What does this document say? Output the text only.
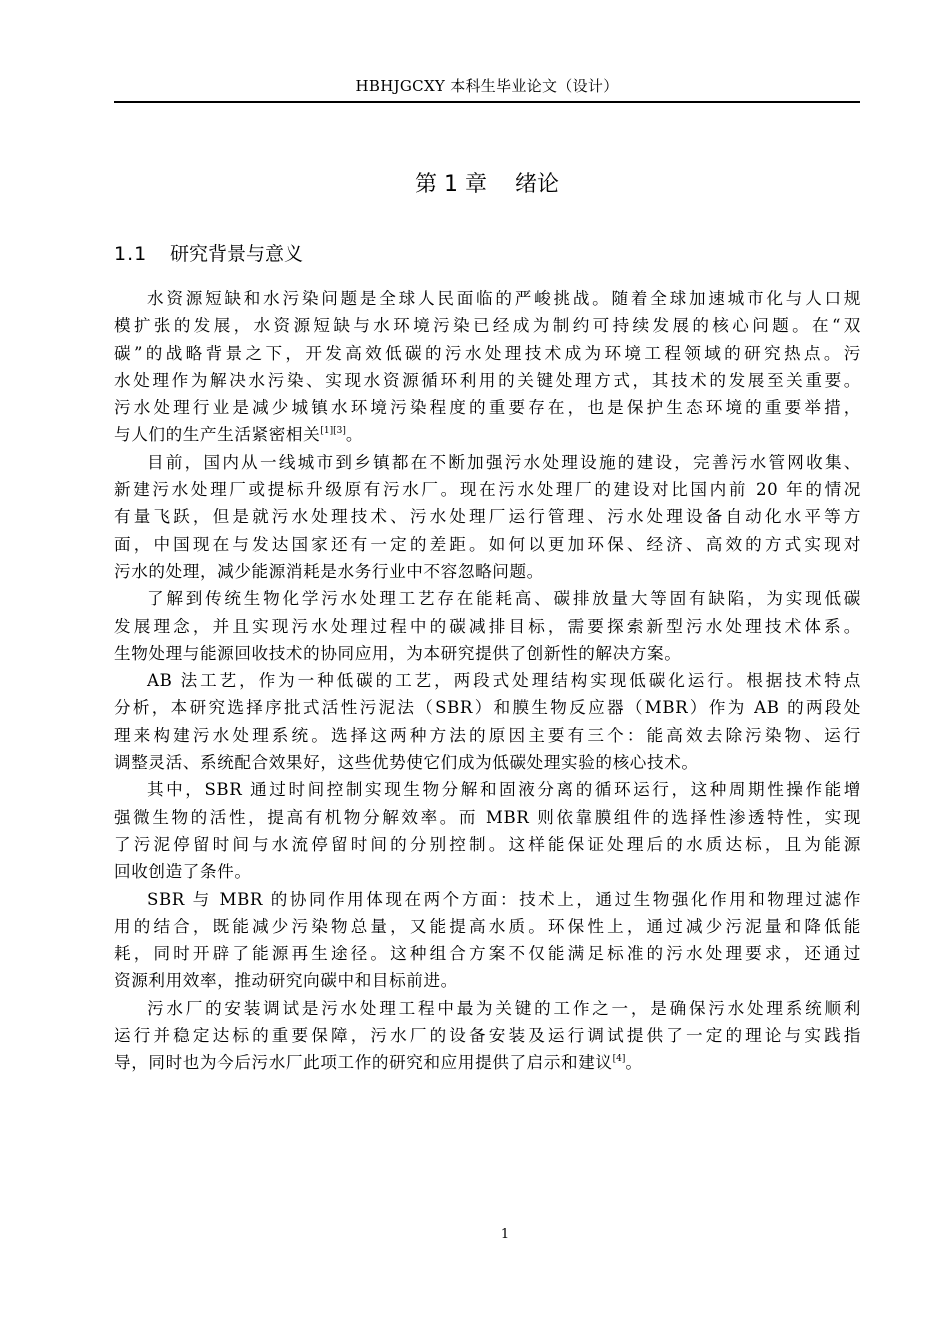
HBHJGCXY 本科生毕业论文（设计）
第 1 章    绪论
1.1 研究背景与意义
水资源短缺和水污染问题是全球人民面临的严峻挑战。随着全球加速城市化与人口规
模扩张的发展，水资源短缺与水环境污染已经成为制约可持续发展的核心问题。在“双
碳”的战略背景之下，开发高效低碳的污水处理技术成为环境工程领域的研究热点。污
水处理作为解决水污染、实现水资源循环利用的关键处理方式，其技术的发展至关重要。
污水处理行业是减少城镇水环境污染程度的重要存在，也是保护生态环境的重要举措，
与人们的生产生活紧密相关[1][3]。
目前，国内从一线城市到乡镇都在不断加强污水处理设施的建设，完善污水管网收集、
新建污水处理厂或提标升级原有污水厂。现在污水处理厂的建设对比国内前 20 年的情况
有量飞跃，但是就污水处理技术、污水处理厂运行管理、污水处理设备自动化水平等方
面，中国现在与发达国家还有一定的差距。如何以更加环保、经济、高效的方式实现对
污水的处理，减少能源消耗是水务行业中不容忽略问题。
了解到传统生物化学污水处理工艺存在能耗高、碳排放量大等固有缺陷，为实现低碳
发展理念，并且实现污水处理过程中的碳减排目标，需要探索新型污水处理技术体系。
生物处理与能源回收技术的协同应用，为本研究提供了创新性的解决方案。
AB 法工艺，作为一种低碳的工艺，两段式处理结构实现低碳化运行。根据技术特点
分析，本研究选择序批式活性污泥法（SBR）和膜生物反应器（MBR）作为 AB 的两段处
理来构建污水处理系统。选择这两种方法的原因主要有三个：能高效去除污染物、运行
调整灵活、系统配合效果好，这些优势使它们成为低碳处理实验的核心技术。
其中，SBR 通过时间控制实现生物分解和固液分离的循环运行，这种周期性操作能增
强微生物的活性，提高有机物分解效率。而 MBR 则依靠膜组件的选择性渗透特性，实现
了污泥停留时间与水流停留时间的分别控制。这样能保证处理后的水质达标，且为能源
回收创造了条件。
SBR 与 MBR 的协同作用体现在两个方面：技术上，通过生物强化作用和物理过滤作
用的结合，既能减少污染物总量，又能提高水质。环保性上，通过减少污泥量和降低能
耗，同时开辟了能源再生途径。这种组合方案不仅能满足标准的污水处理要求，还通过
资源利用效率，推动研究向碳中和目标前进。
污水厂的安装调试是污水处理工程中最为关键的工作之一，是确保污水处理系统顺利
运行并稳定达标的重要保障，污水厂的设备安装及运行调试提供了一定的理论与实践指
导，同时也为今后污水厂此项工作的研究和应用提供了启示和建议[4]。
1
